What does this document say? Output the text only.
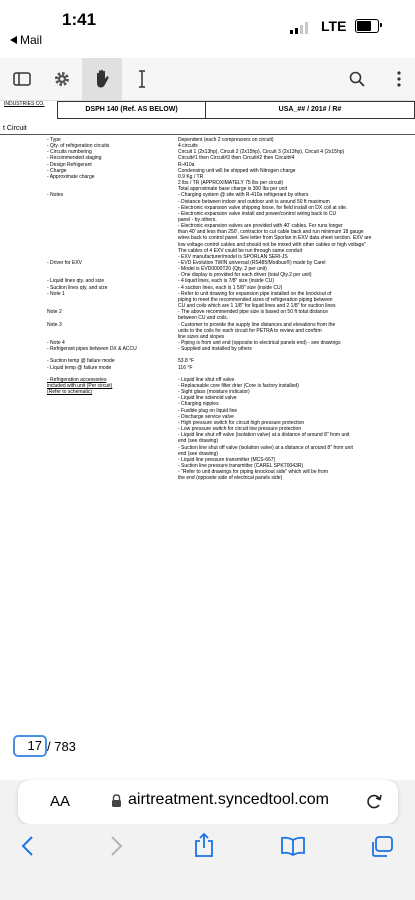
1:41
Mail
LTE
INDUSTRIES CO.
DSPH 140 (Ref. AS BELOW)	USA_## / 201# / R#
t Circuit
- Type	Dependent (each 2 compressors on circuit)
- Qty. of refrigeration circuits	4 circuits
- Circuits numbering	Circuit 1 (2x13hp), Circuit 2 (2x15hp), Circuit 3 (2x13hp), Circuit 4 (2x15hp)
- Recommended staging	Circuit#1 then Circuit#3 then Circuit#2 then Circuit#4
- Design Refrigerant	R-410a
- Charge	Condensing unit will be shipped with Nitrogen charge
- Approximate charge	0.9 Kg / TR
2 lbs / TR (APPROXIMATELY 75 lbs per circuit)
Total approximate base charge is 300 lbs per unit
- Notes	- Charging system @ site with R-410a refrigerant by others
- Distance between indoor and outdoor unit is around 50 ft maximum
- Electronic expansion valve shipping loose, for field install on DX coil at site.
- Electronic expansion valve install and power/control wiring back to CU
panel - by others.
- Electronic expansion valves are provided with 40' cables. For runs longer
than 40' and less than 250', contractor to cut cable back and run minimum 18 gauge
wires back to control panel. See letter from Sporlan in EXV data sheet section. EXV are
low voltage control cables and should not be mixed with other cables or high voltage"
The cables of 4 EXV could be run through same conduit
- EXV manufacturer/model is SPORLAN SERI-JS
- Driver for EXV	- EVD Evolution TWIN universal (RS485/Modbus®) made by Carel
- Model is EVD0000T20 (Qty. 2 per unit)
- One display is provided for each driver (total Qty.2 per unit)
- Liquid lines qty. and size	- 4 liquid lines, each is 7/8" size (inside CU)
- Suction lines qty. and size	- 4 suction lines, each is 1 5/8" size (inside CU)
- Note 1	- Refer to unit drawing for expansion pipe installed on the knockout of
piping to meet the recommended sizes of refrigeration piping between
CU and coils which are 1 1/8" for liquid lines and 2 1/8" for suction lines
Note 2	- The above recommended pipe size is based on 50 ft total distance
between CU and coils.
Note 3	- Customer to provide the supply line distances and elevations from the
units to the coils for each circuit for PETRA to review and confirm
line sizes and slopes
- Note 4	- Piping is from unit end (opposite to electrical panels end) - see drawings
- Refrigerant pipes between DX & ACCU	- Supplied and installed by others
- Suction temp @ failure mode	53.8 °F
- Liquid temp @ failure mode	116 °F
- Refrigeration accessories	- Liquid line shut off valve
included with unit (Per circuit)	- Replaceable core filter drier (Core is factory installed)
(Refer to schematic)	- Sight glass (moisture indicator)
- Liquid line solenoid valve
- Charging nipples
- Fusible plug on liquid line
- Discharge service valve
- High pressure switch for circuit high pressure protection
- Low pressure switch for circuit low pressure protection
- Liquid line shut off valve (isolation valve) at a distance of around 8" from unit
end (see drawing)
- Suction line shut off valve (isolation valve) at a distance of around 8" from unit
end (see drawing)
- Liquid line pressure transmitter (MCS-667)
- Suction line pressure transmitter (CAREL SPKT0043R)
- "Refer to unit drawings for piping knockout side" which will be from
the end (opposite side of electrical panels side)
17 / 783
AA	airtreatment.syncedtool.com
